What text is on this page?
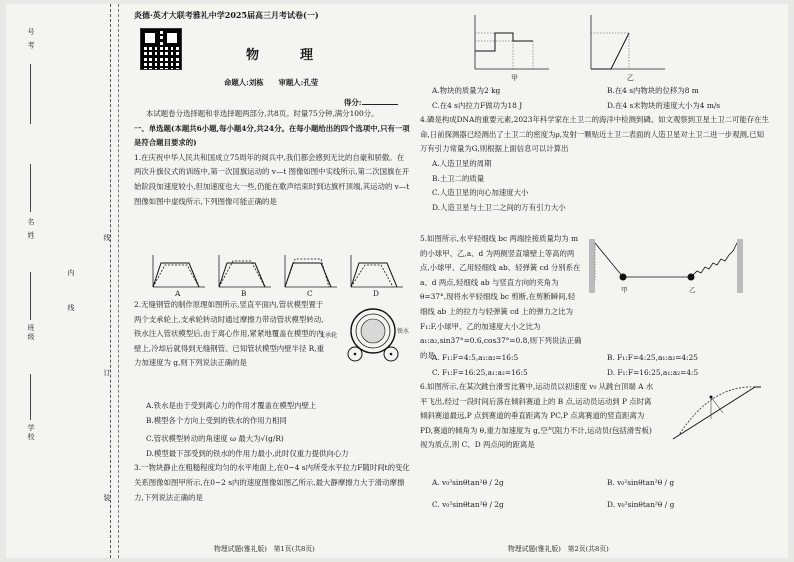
号 考
名 姓	线
班级
内
线
学校
订
装
炎德·英才大联考雅礼中学2025届高三月考试卷(一)
物　理
命题人:刘栋　　 审题人:孔莹
得分:

本试题卷分选择题和非选择题两部分,共8页。时量75分钟,满分100分。

一、单选题(本题共6小题,每小题4分,共24分。在每小题给出的四个选项中,只有一项是符合题目要求的)

1.在庆祝中华人民共和国成立75周年的阅兵中,我们都会感到无比的自豪和骄傲。在两次升旗仪式的训练中,第一次国旗运动的 v—t 图像如图中实线所示,第二次国旗在开始阶段加速度较小,但加速度也大一些,仍能在歌声结束时到达旗杆顶端,其运动的 v—t 图像如图中虚线所示,下列图像可能正确的是

A	B	C	D

2.无缝钢管的制作原理如图所示,竖直平面内,管状模型置于两个支承轮上,支承轮转动时通过摩擦力带动管状模型转动,铁水注入管状模型后,由于离心作用,紧紧地覆盖在模型的内壁上,冷却后就得到无缝钢管。已知管状模型内壁半径 R,重力加速度为 g,则下列说法正确的是

支承轮
铁水

A.铁水是由于受到离心力的作用才覆盖在模型内壁上

B.模型各个方向上受到的铁水的作用力相同

C.管状模型转动的角速度 ω 最大为√(g/R)

D.模型最下部受到的铁水的作用力最小,此时仅重力提供向心力

3.一物块静止在粗糙程度均匀的水平地面上,在0~4 s内所受水平拉力F随时间t的变化关系图像如图甲所示,在0~2 s内的速度图像如图乙所示,最大静摩擦力大于滑动摩擦力,下列说法正确的是

物理试题(雅礼版)　第1页(共8页)
甲	乙
A.物块的质量为2 kg	B.在4 s内物块的位移为8 m
C.在4 s内拉力F做功为18 J	D.在4 s末物块的速度大小为4 m/s

4.磷是构成DNA的重要元素,2023年科学家在土卫二的海洋中检测到磷。如文观察到卫星土卫二可能存在生命,日前探测器已经测出了土卫二的密度为ρ,发射一颗贴近土卫二表面的人造卫星对土卫二进一步观测,已知万有引力常量为G,则根据上面信息可以计算出

A.人造卫星的周期

B.土卫二的质量

C.人造卫星的向心加速度大小

D.人造卫星与土卫二之间的万有引力大小

5.如图所示,水平轻细线 bc 两端拴接质量均为 m 的小球甲、乙,a、d 为两侧竖直墙壁上等高的两点,小球甲、乙用轻细线 ab、轻弹簧 cd 分别系在 a、d 两点,轻细线 ab 与竖直方向的夹角为 θ=37°,现将水平轻细线 bc 剪断,在剪断瞬间,轻细线 ab 上的拉力与轻弹簧 cd 上的弹力之比为 F₁:F,小球甲、乙的加速度大小之比为 a₁:a₂,sin37°=0.6,cos37°=0.8,则下列说法正确的是

甲	乙
A. F₁:F=4:5,a₁:a₂=16:5	B. F₁:F=4:25,a₁:a₂=4:25
C. F₁:F=16:25,a₁:a₂=16:5	D. F₁:F=16:25,a₁:a₂=4:5

6.如图所示,在某次跳台滑雪比赛中,运动员以初速度 v₀ 从跳台顶端 A 水平飞出,经过一段时间后落在倾斜赛道上的 B 点,运动员运动到 P 点时离倾斜赛道最远,P 点到赛道的垂直距离为 PC,P 点离赛道的竖直距离为 PD,赛道的倾角为 θ,重力加速度为 g,空气阻力不计,运动员(包括滑雪板)视为质点,则 C、D 两点间的距离是

A. v₀²sinθtan²θ / 2g	B. v₀²sinθtan²θ / g
C. v₀²sinθtan²θ / 2g	D. v₀²sinθtan²θ / g
物理试题(雅礼版)　第2页(共8页)
